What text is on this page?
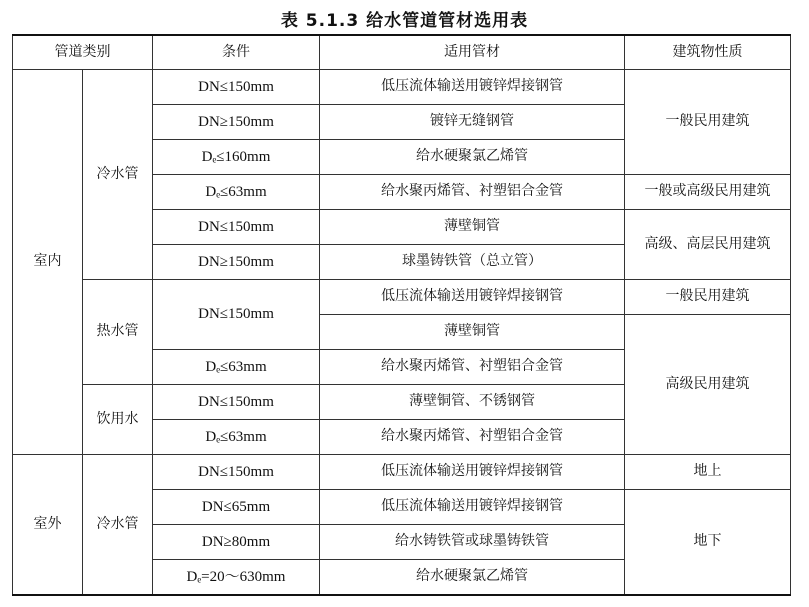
表 5.1.3 给水管道管材选用表
管道类别		条件	适用管材	建筑物性质
室内	冷水管	DN≤150mm	低压流体输送用镀锌焊接钢管	一般民用建筑
		DN≥150mm	镀锌无缝钢管	
		Dₑ≤160mm	给水硬聚氯乙烯管	
		Dₑ≤63mm	给水聚丙烯管、衬塑铝合金管	一般或高级民用建筑
		DN≤150mm	薄壁铜管	高级、高层民用建筑
		DN≥150mm	球墨铸铁管（总立管）	
	热水管	DN≤150mm	低压流体输送用镀锌焊接钢管	一般民用建筑
			薄壁铜管	高级民用建筑
		Dₑ≤63mm	给水聚丙烯管、衬塑铝合金管	
	饮用水	DN≤150mm	薄壁铜管、不锈钢管	
		Dₑ≤63mm	给水聚丙烯管、衬塑铝合金管	
室外	冷水管	DN≤150mm	低压流体输送用镀锌焊接钢管	地上
		DN≤65mm	低压流体输送用镀锌焊接钢管	地下
		DN≥80mm	给水铸铁管或球墨铸铁管	
		Dₑ=20～630mm	给水硬聚氯乙烯管	
